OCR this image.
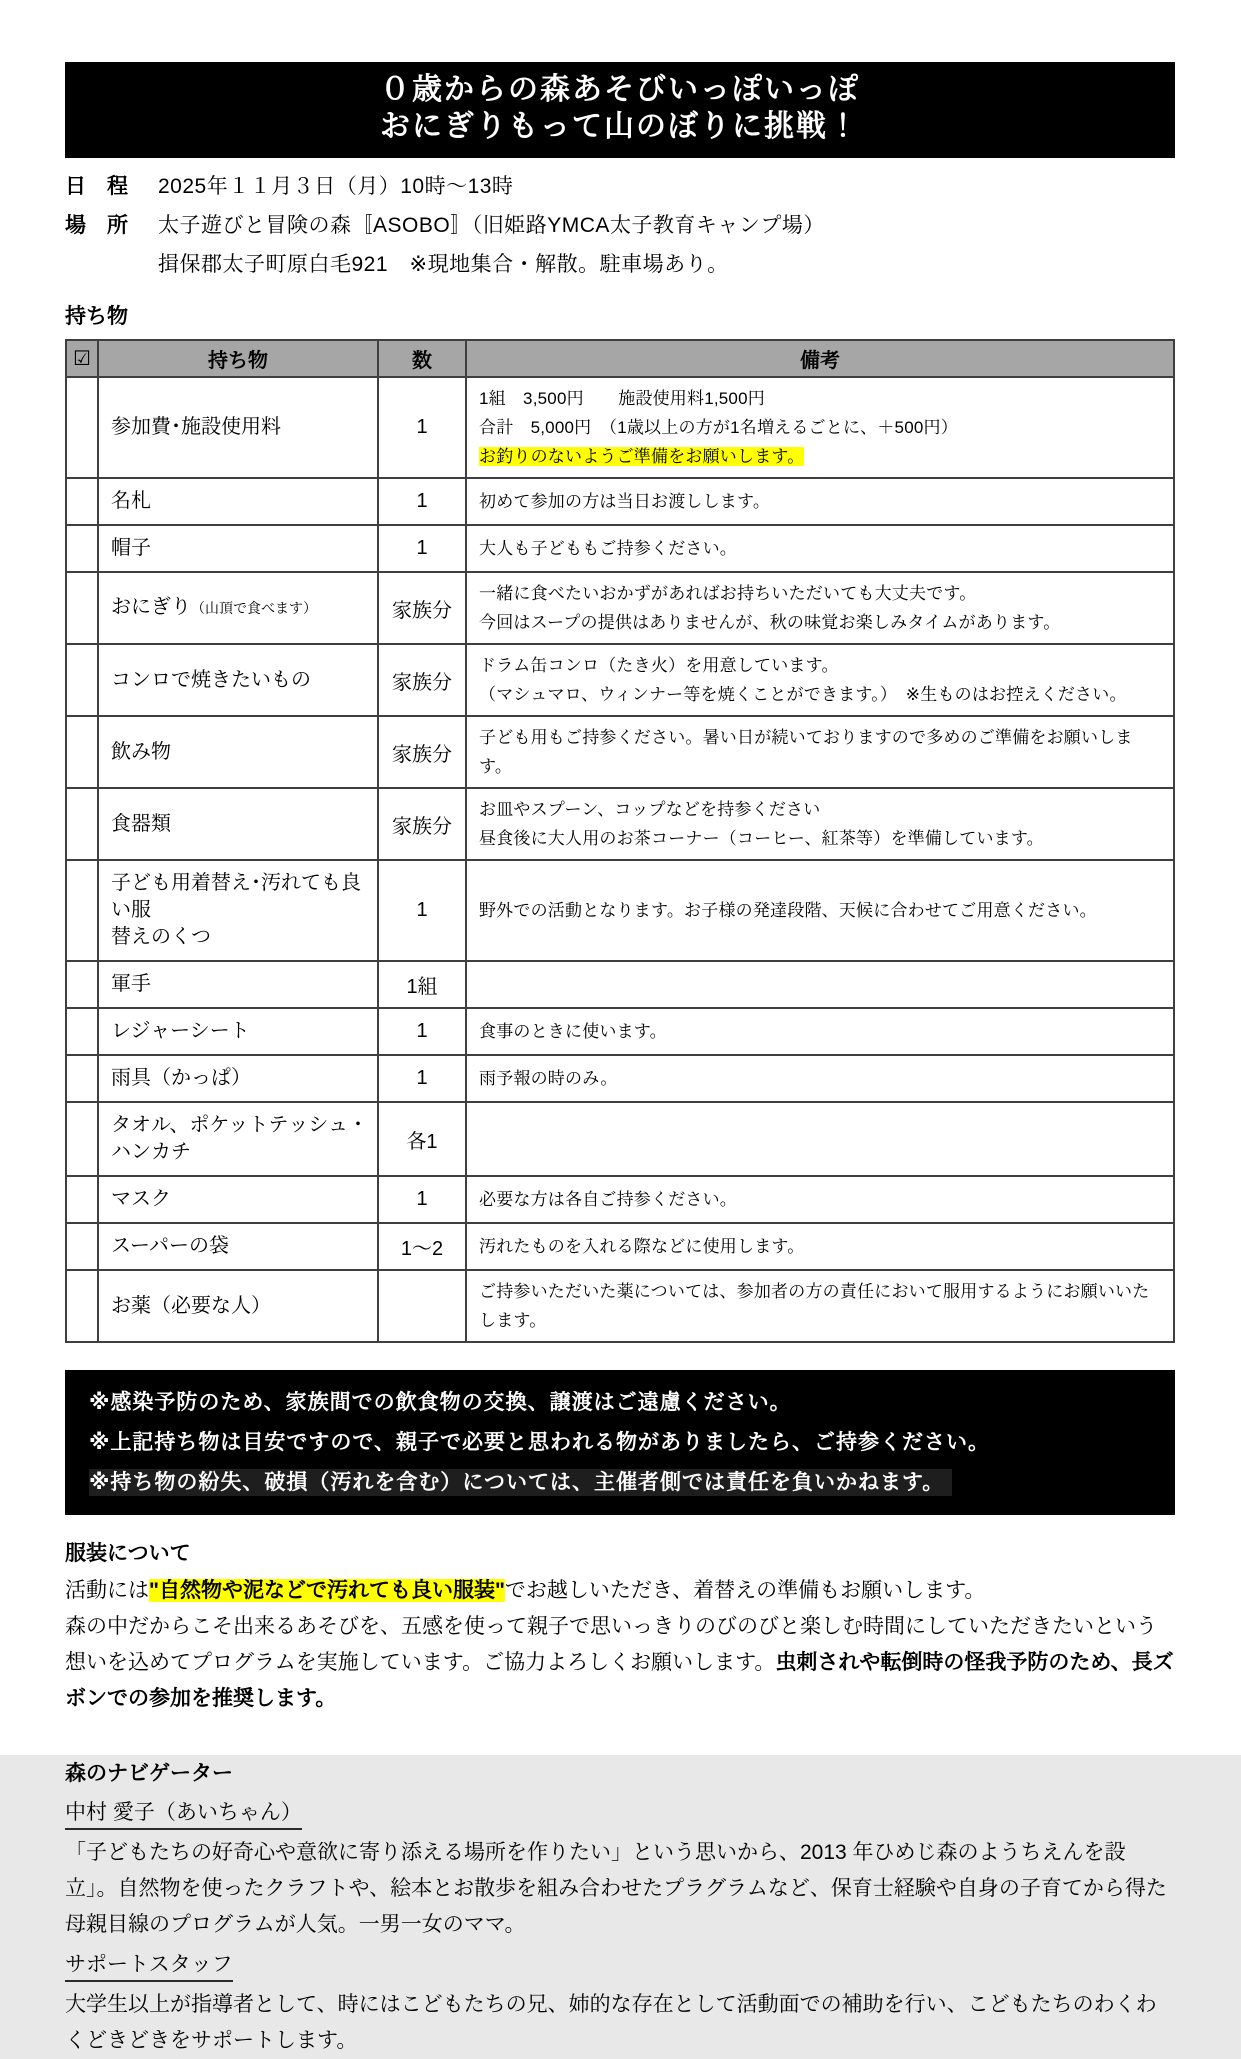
０歳からの森あそびいっぽいっぽ
おにぎりもって山のぼりに挑戦！
日　程	2025年１１月３日（月）10時～13時
場　所	太子遊びと冒険の森〚ASOBO〛（旧姫路YMCA太子教育キャンプ場）
揖保郡太子町原白毛921　※現地集合・解散。駐車場あり。
持ち物
☑	持ち物	数	備考

	参加費･施設使用料	1	1組　3,500円　　施設使用料1,500円
合計　5,000円　（1歳以上の方が1名増えるごとに、＋500円）
お釣りのないようご準備をお願いします。

	名札	1	初めて参加の方は当日お渡しします。

	帽子	1	大人も子どももご持参ください。

	おにぎり（山頂で食べます）	家族分	一緒に食べたいおかずがあればお持ちいただいても大丈夫です。
今回はスープの提供はありませんが、秋の味覚お楽しみタイムがあります。

	コンロで焼きたいもの	家族分	ドラム缶コンロ（たき火）を用意しています。
（マシュマロ、ウィンナー等を焼くことができます。）　※生ものはお控えください。

	飲み物	家族分	子ども用もご持参ください。暑い日が続いておりますので多めのご準備をお願いします。

	食器類	家族分	お皿やスプーン、コップなどを持参ください
昼食後に大人用のお茶コーナー（コーヒー、紅茶等）を準備しています。

	子ども用着替え･汚れても良い服
替えのくつ	1	野外での活動となります。お子様の発達段階、天候に合わせてご用意ください。

	軍手	1組	

	レジャーシート	1	食事のときに使います。

	雨具（かっぱ）	1	雨予報の時のみ。

	タオル、ポケットテッシュ・ハンカチ	各1	

	マスク	1	必要な方は各自ご持参ください。

	スーパーの袋	1～2	汚れたものを入れる際などに使用します。

	お薬（必要な人）		ご持参いただいた薬については、参加者の方の責任において服用するようにお願いいたします。
※感染予防のため、家族間での飲食物の交換、譲渡はご遠慮ください。
※上記持ち物は目安ですので、親子で必要と思われる物がありましたら、ご持参ください。
※持ち物の紛失、破損（汚れを含む）については、主催者側では責任を負いかねます。
服装について
活動には"自然物や泥などで汚れても良い服装"でお越しいただき、着替えの準備もお願いします。
森の中だからこそ出来るあそびを、五感を使って親子で思いっきりのびのびと楽しむ時間にしていただきたいという想いを込めてプログラムを実施しています。ご協力よろしくお願いします。虫刺されや転倒時の怪我予防のため、長ズボンでの参加を推奨します。
森のナビゲーター
中村 愛子（あいちゃん）
「子どもたちの好奇心や意欲に寄り添える場所を作りたい」という思いから、2013 年ひめじ森のようちえんを設立」。自然物を使ったクラフトや、絵本とお散歩を組み合わせたプラグラムなど、保育士経験や自身の子育てから得た母親目線のプログラムが人気。一男一女のママ。
サポートスタッフ
大学生以上が指導者として、時にはこどもたちの兄、姉的な存在として活動面での補助を行い、こどもたちのわくわくどきどきをサポートします。
